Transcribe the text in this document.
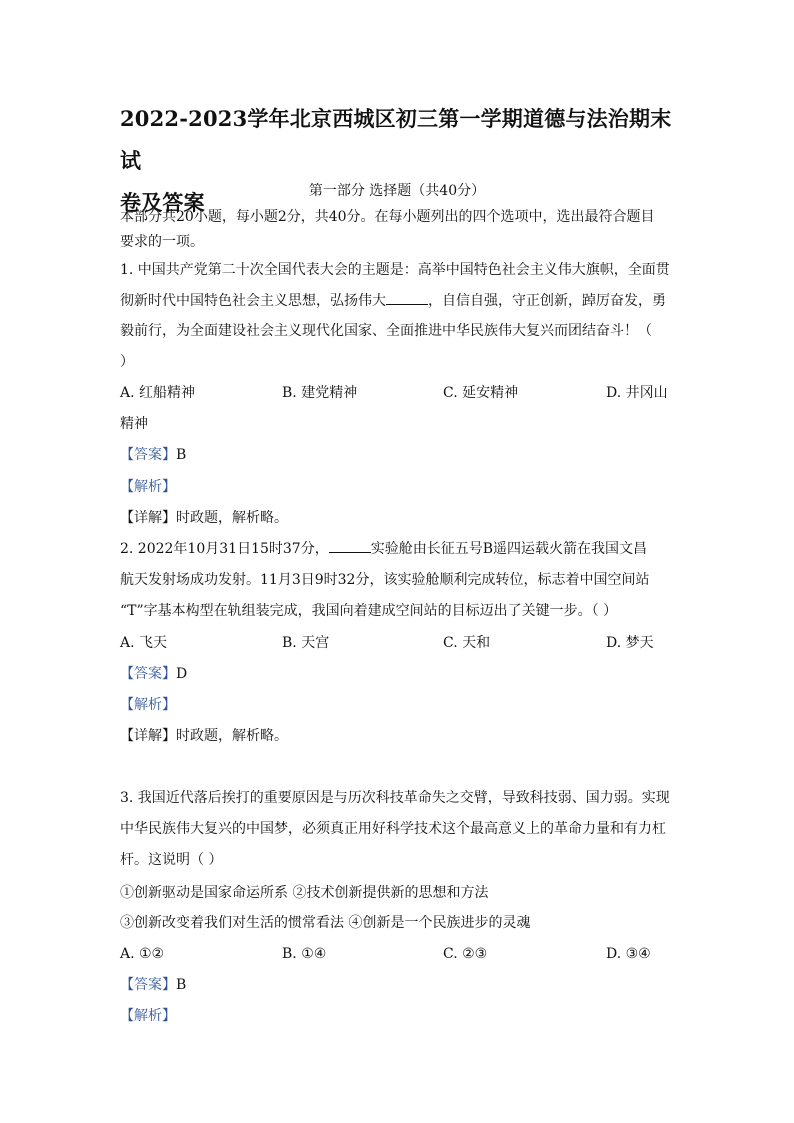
2022-2023学年北京西城区初三第一学期道德与法治期末试
卷及答案	第一部分 选择题（共40分）
本部分共20小题，每小题2分，共40分。在每小题列出的四个选项中，选出最符合题目
要求的一项。
1. 中国共产党第二十次全国代表大会的主题是：高举中国特色社会主义伟大旗帜，全面贯
彻新时代中国特色社会主义思想，弘扬伟大	，自信自强，守正创新，踔厉奋发，勇
毅前行，为全面建设社会主义现代化国家、全面推进中华民族伟大复兴而团结奋斗！（
）
A. 红船精神	B. 建党精神	C. 延安精神	D. 井冈山
精神
【答案】B
【解析】
【详解】时政题，解析略。
2. 2022年10月31日15时37分，	实验舱由长征五号B遥四运载火箭在我国文昌
航天发射场成功发射。11月3日9时32分，该实验舱顺利完成转位，标志着中国空间站
“T”字基本构型在轨组装完成，我国向着建成空间站的目标迈出了关键一步。（ ）
A. 飞天	B. 天宫	C. 天和	D. 梦天
【答案】D
【解析】
【详解】时政题，解析略。
3. 我国近代落后挨打的重要原因是与历次科技革命失之交臂，导致科技弱、国力弱。实现
中华民族伟大复兴的中国梦，必须真正用好科学技术这个最高意义上的革命力量和有力杠
杆。这说明（ ）
①创新驱动是国家命运所系 ②技术创新提供新的思想和方法
③创新改变着我们对生活的惯常看法 ④创新是一个民族进步的灵魂
A. ①②	B. ①④	C. ②③	D. ③④
【答案】B
【解析】
